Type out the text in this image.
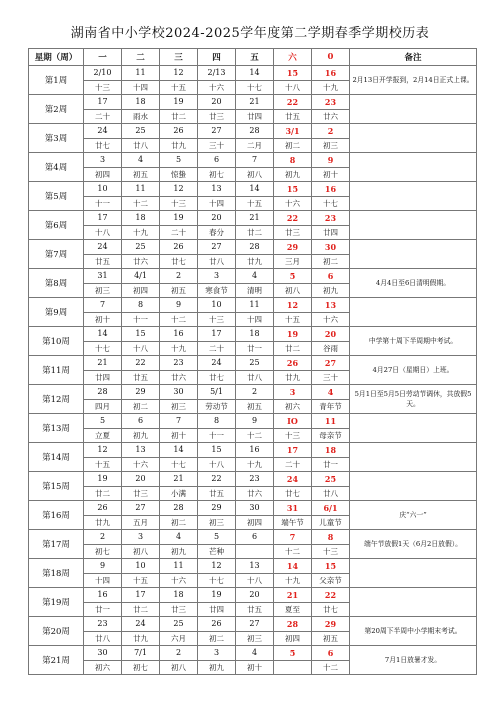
湖南省中小学校2024-2025学年度第二学期春季学期校历表
星期（周）	一	二	三	四	五	六	0	备注
第1周	2/10	11	12	2/13	14	15	16	2月13日开学报到，2月14日正式上课。
	十三	十四	十五	十六	十七	十八	十九	
第2周	17	18	19	20	21	22	23	
	二十	雨水	廿二	廿三	廿四	廿五	廿六	
第3周	24	25	26	27	28	3/1	2	
	廿七	廿八	廿九	三十	二月	初二	初三	
第4周	3	4	5	6	7	8	9	
	初四	初五	惊蛰	初七	初八	初九	初十	
第5周	10	11	12	13	14	15	16	
	十一	十二	十三	十四	十五	十六	十七	
第6周	17	18	19	20	21	22	23	
	十八	十九	二十	春分	廿二	廿三	廿四	
第7周	24	25	26	27	28	29	30	
	廿五	廿六	廿七	廿八	廿九	三月	初二	
第8周	31	4/1	2	3	4	5	6	4月4日至6日清明假期。
	初三	初四	初五	寒食节	清明	初八	初九	
第9周	7	8	9	10	11	12	13	
	初十	十一	十二	十三	十四	十五	十六	
第10周	14	15	16	17	18	19	20	中学第十周下半周期中考试。
	十七	十八	十九	二十	廿一	廿二	谷雨	
第11周	21	22	23	24	25	26	27	4月27日（星期日）上班。
	廿四	廿五	廿六	廿七	廿八	廿九	三十	
第12周	28	29	30	5/1	2	3	4	5月1日至5月5日劳动节调休，共放假5天。
	四月	初二	初三	劳动节	初五	初六	青年节	
第13周	5	6	7	8	9	IO	11	
	立夏	初九	初十	十一	十二	十三	母亲节	
第14周	12	13	14	15	16	17	18	
	十五	十六	十七	十八	十九	二十	廿一	
第15周	19	20	21	22	23	24	25	
	廿二	廿三	小满	廿五	廿六	廿七	廿八	
第16周	26	27	28	29	30	31	6/1	庆“六一”
	廿九	五月	初二	初三	初四	端午节	儿童节	
第17周	2	3	4	5	6	7	8	端午节放假1天（6月2日放假）。
	初七	初八	初九	芒种		十二	十三	
第18周	9	10	11	12	13	14	15	
	十四	十五	十六	十七	十八	十九	父亲节	
第19周	16	17	18	19	20	21	22	
	廿一	廿二	廿三	廿四	廿五	夏至	廿七	
第20周	23	24	25	26	27	28	29	第20周下半周中小学期末考试。
	廿八	廿九	六月	初二	初三	初四	初五	
第21周	30	7/1	2	3	4	5	6	7月1日放暑才发。
	初六	初七	初八	初九	初十		十二	
